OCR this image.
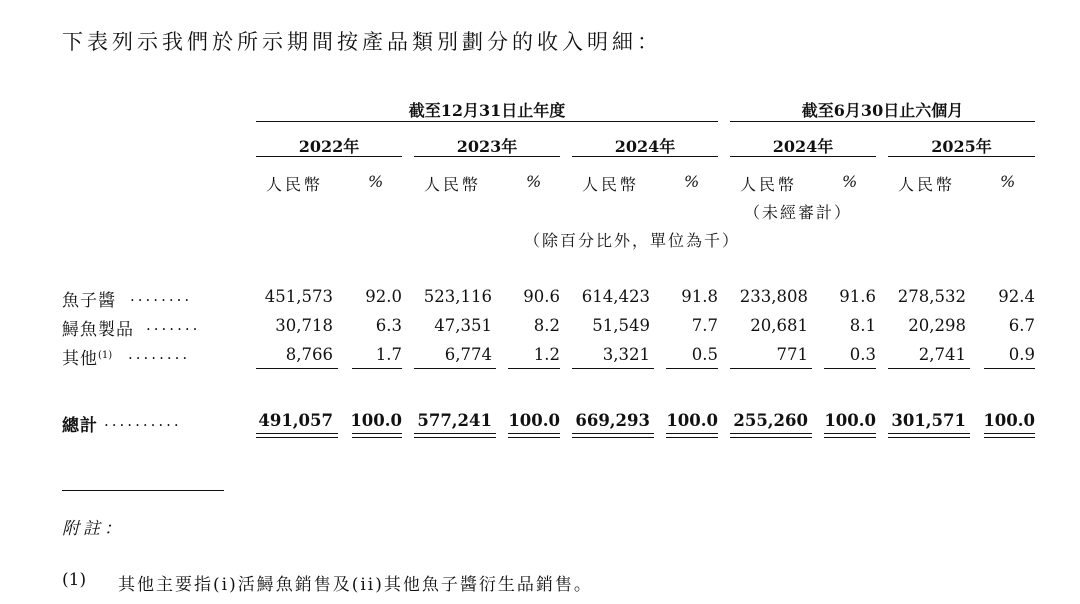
下表列示我們於所示期間按產品類別劃分的收入明細：
截至12月31日止年度	截至6月30日止六個月
2022年
人民幣	%
2023年
人民幣	%
2024年
人民幣	%
2024年
人民幣	%
（未經審計）
2025年
人民幣	%
（除百分比外，單位為千）
魚子醬 ........	451,573	92.0	523,116	90.6	614,423	91.8	233,808	91.6	278,532	92.4
鱘魚製品 .......	30,718	6.3	47,351	8.2	51,549	7.7	20,681	8.1	20,298	6.7
其他$^{(1)}$ ........	8,766	1.7	6,774	1.2	3,321	0.5	771	0.3	2,741	0.9
總計 ..........	491,057	100.0 577,241 100.0 669,293 100.0 255,260 100.0 301,571	100.0
附註：
(1) 其他主要指(i)活鱘魚銷售及(ii)其他魚子醬衍生品銷售。
